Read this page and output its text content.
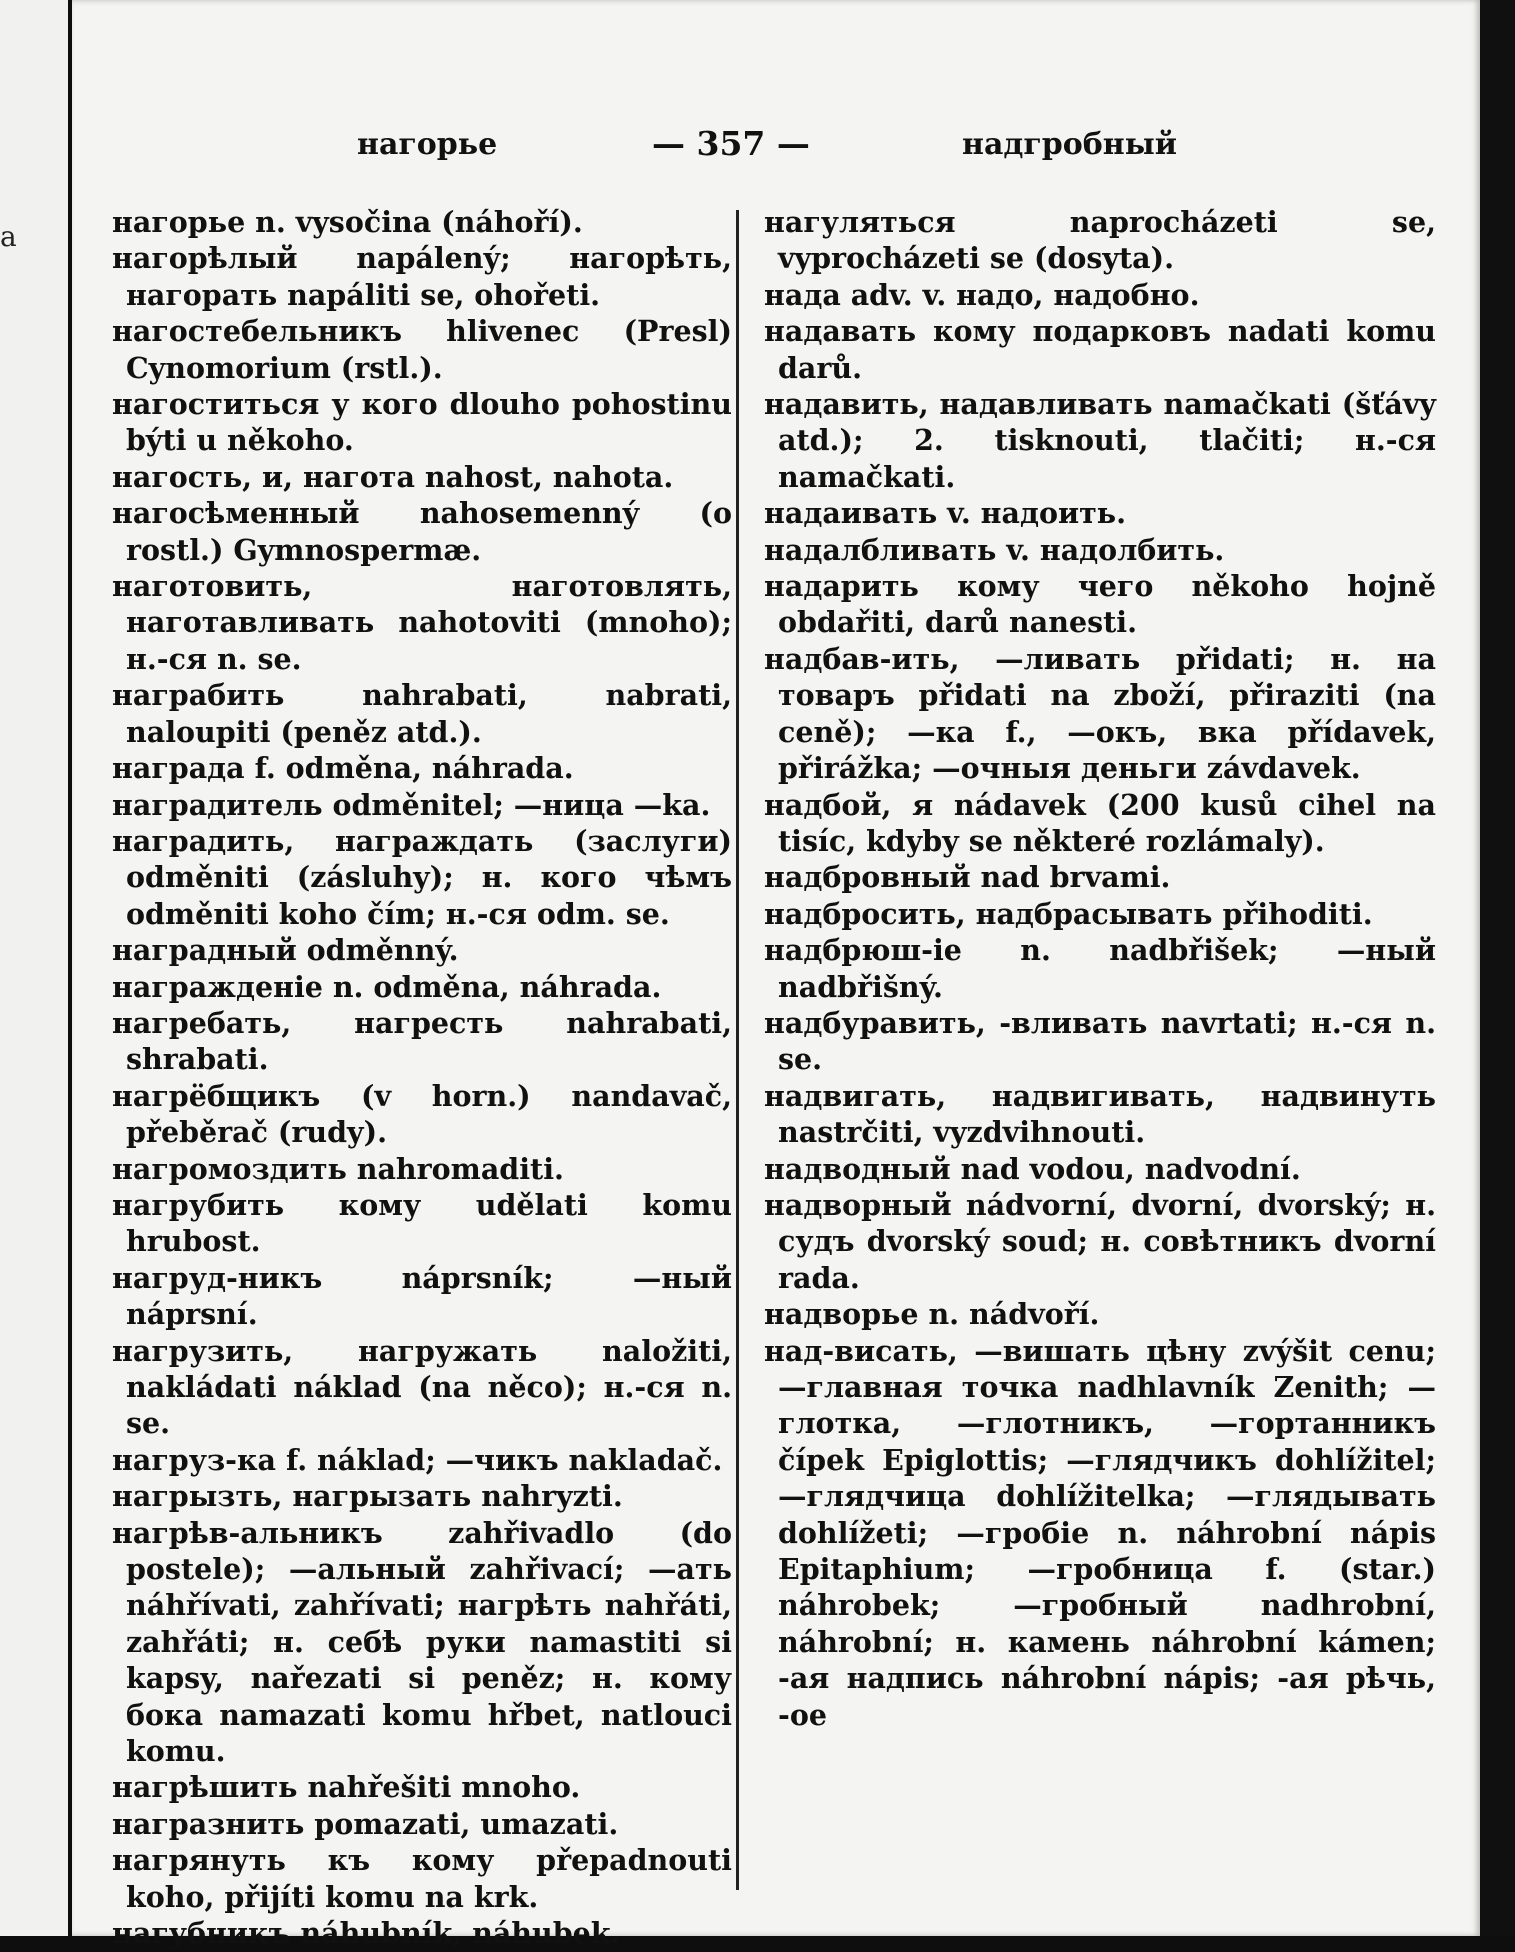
a
нагорье	— 357 —	надгробный

нагорье n. vysočina (náhoří).

нагорѣлый napálený; нагорѣть, нагорать napáliti se, ohořeti.

нагостебельникъ hlivenec (Presl) Cynomorium (rstl.).

нагоститься у кого dlouho pohostinu býti u někoho.

нагость, и, нагота nahost, nahota.

нагосѣменный nahosemenný (o rostl.) Gymnospermæ.

наготовить, наготовлять, наготавливать nahotoviti (mnoho); н.-ся n. se.

награбить nahrabati, nabrati, naloupiti (peněz atd.).

награда f. odměna, náhrada.

наградитель odměnitel; —ница —ka.

наградить, награждать (заслуги) odměniti (zásluhy); н. кого чѣмъ odměniti koho čím; н.-ся odm. se.

наградный odměnný.

награжденіе n. odměna, náhrada.

нагребать, нагресть nahrabati, shrabati.

нагрёбщикъ (v horn.) nandavač, přeběrač (rudy).

нагромоздить nahromaditi.

нагрубить кому udělati komu hrubost.

нагруд-никъ náprsník; —ный náprsní.

нагрузить, нагружать naložiti, nakládati náklad (na něco); н.-ся n. se.

нагруз-ка f. náklad; —чикъ nakladač.

нагрызть, нагрызать nahryzti.

нагрѣв-альникъ zahřivadlo (do postele); —альный zahřivací; —ать náhřívati, zahřívati; нагрѣть nahřáti, zahřáti; н. себѣ руки namastiti si kapsy, nařezati si peněz; н. кому бока namazati komu hřbet, natlouci komu.

нагрѣшить nahřešiti mnoho.

награзнить pomazati, umazati.

нагрянуть къ кому přepadnouti koho, přijíti komu na krk.

нагубникъ náhubník, náhubek.

нагуляться naprocházeti se, vyprocházeti se (dosyta).

нада adv. v. надо, надобно.

надавать кому подарковъ nadati komu darů.

надавить, надавливать namačkati (šťávy atd.); 2. tisknouti, tlačiti; н.-ся namačkati.

надаивать v. надоить.

надалбливать v. надолбить.

надарить кому чего někoho hojně obdařiti, darů nanesti.

надбав-ить, —ливать přidati; н. на товаръ přidati na zboží, přiraziti (na ceně); —ка f., —окъ, вка přídavek, přirážka; —очныя деньги závdavek.

надбой, я nádavek (200 kusů cihel na tisíc, kdyby se některé rozlámaly).

надбровный nad brvami.

надбросить, надбрасывать přihoditi.

надбрюш-іе n. nadbřišek; —ный nadbřišný.

надбуравить, -вливать navrtati; н.-ся n. se.

надвигать, надвигивать, надвинуть nastrčiti, vyzdvihnouti.

надводный nad vodou, nadvodní.

надворный nádvorní, dvorní, dvorský; н. судъ dvorský soud; н. совѣтникъ dvorní rada.

надворье n. nádvoří.

над-висать, —вишать цѣну zvýšit cenu; —главная точка nadhlavník Zenith; —глотка, —глотникъ, —гортанникъ čípek Epiglottis; —глядчикъ dohlížitel; —глядчица dohlížitelka; —глядывать dohlížeti; —гробіе n. náhrobní nápis Epitaphium; —гробница f. (star.) náhrobek; —гробный nadhrobní, náhrobní; н. камень náhrobní kámen; -ая надпись náhrobní nápis; -ая рѣчь, -ое
